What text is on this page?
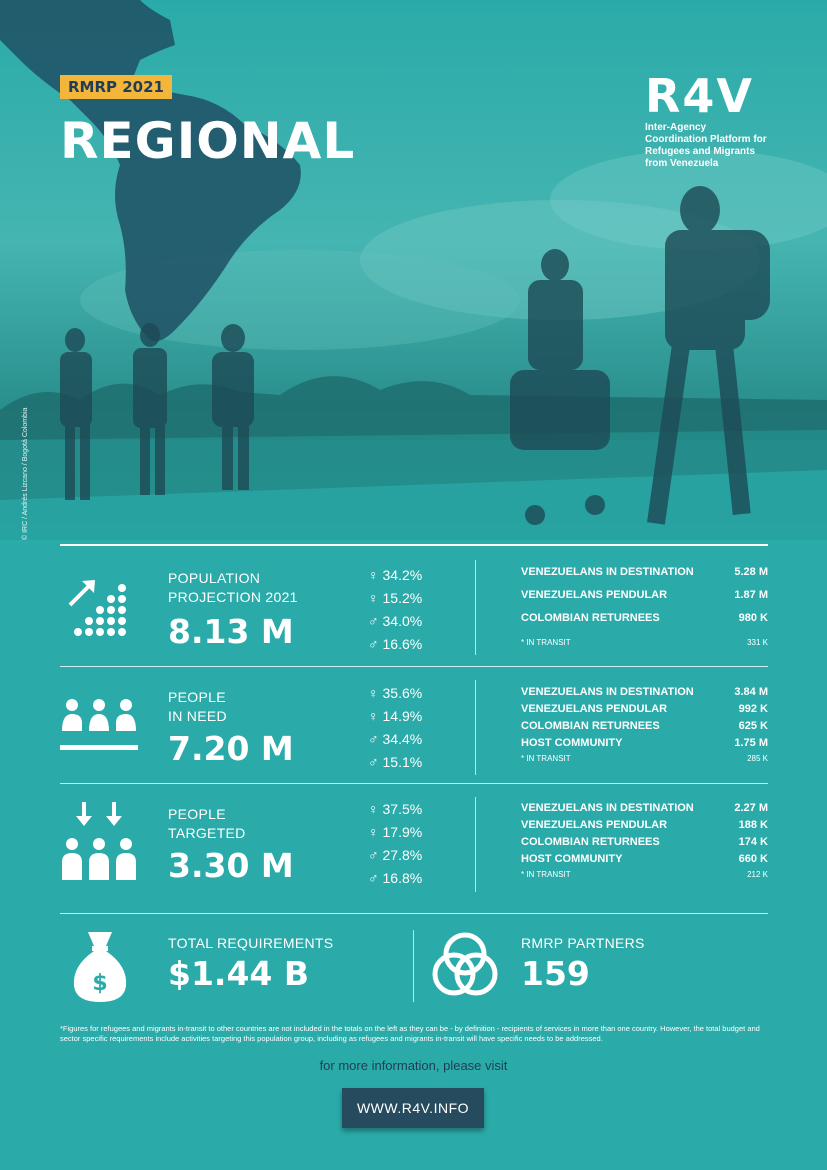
RMRP 2021
REGIONAL
R4V
Inter-Agency Coordination Platform for Refugees and Migrants from Venezuela
© IRC / Andrés Lizcano / Bogotá Colombia
POPULATION
PROJECTION 2021
8.13 M
♀ 34.2%
♀ 15.2%
♂ 34.0%
♂ 16.6%
VENEZUELANS IN DESTINATION	5.28 M
VENEZUELANS PENDULAR	1.87 M
COLOMBIAN RETURNEES	980 K
* IN TRANSIT	331 K
PEOPLE
IN NEED
7.20 M
♀ 35.6%
♀ 14.9%
♂ 34.4%
♂ 15.1%
VENEZUELANS IN DESTINATION	3.84 M
VENEZUELANS PENDULAR	992 K
COLOMBIAN RETURNEES	625 K
HOST COMMUNITY	1.75 M
* IN TRANSIT	285 K
PEOPLE
TARGETED
3.30 M
♀ 37.5%
♀ 17.9%
♂ 27.8%
♂ 16.8%
VENEZUELANS IN DESTINATION	2.27 M
VENEZUELANS PENDULAR	188 K
COLOMBIAN RETURNEES	174 K
HOST COMMUNITY	660 K
* IN TRANSIT	212 K
$
TOTAL REQUIREMENTS
$1.44 B
RMRP PARTNERS
159
*Figures for refugees and migrants in-transit to other countries are not included in the totals on the left as they can be - by definition - recipients of services in more than one country. However, the total budget and sector specific requirements include activities targeting this population group, including as refugees and migrants in-transit will have specific needs to be addressed.
for more information, please visit
WWW.R4V.INFO
